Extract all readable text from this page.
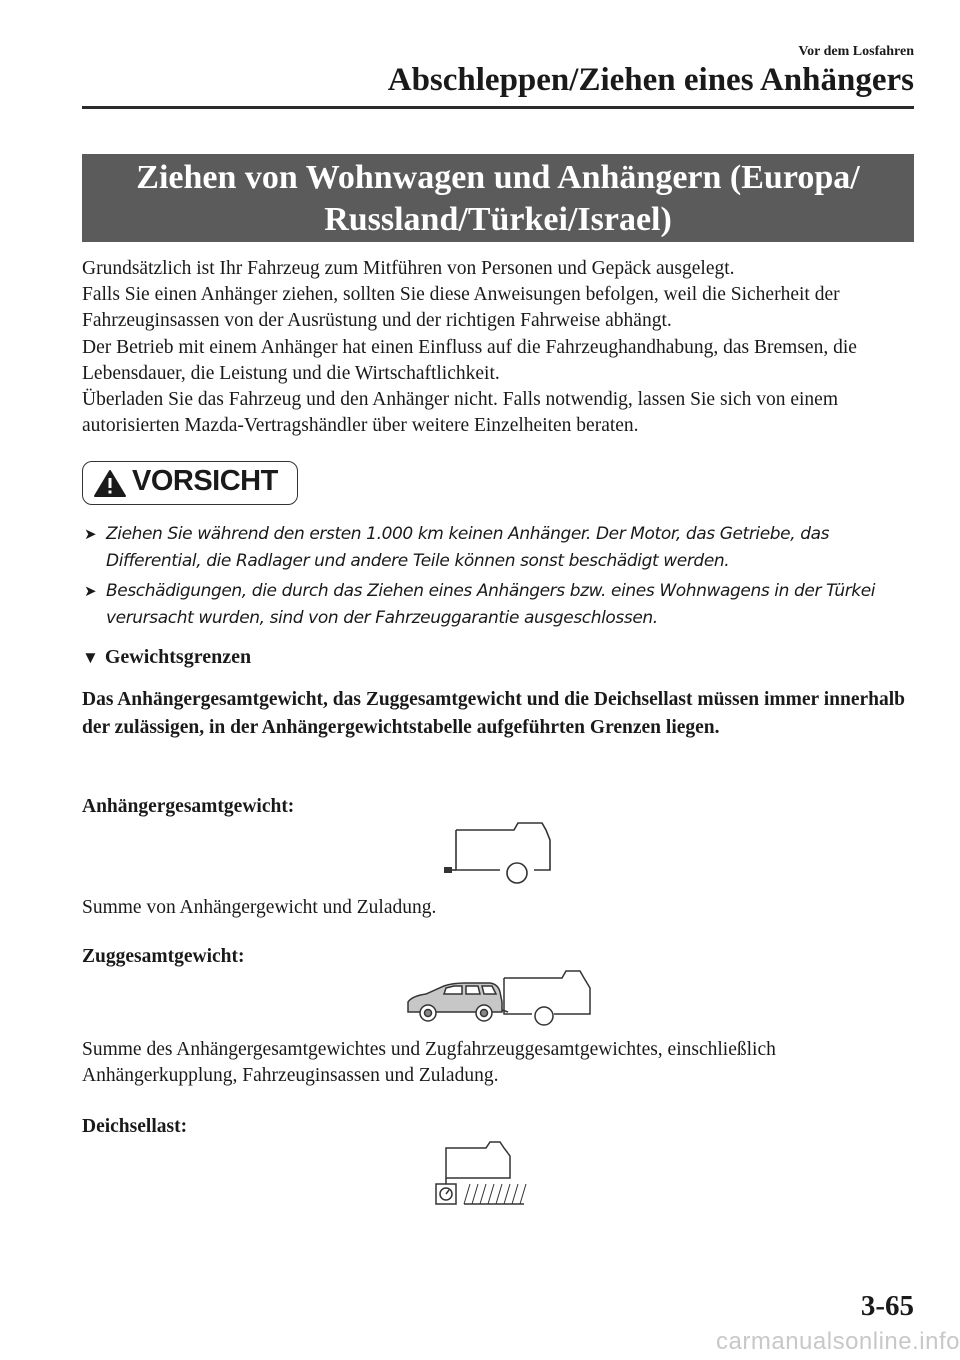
Vor dem Losfahren
Abschleppen/Ziehen eines Anhängers
Ziehen von Wohnwagen und Anhängern (Europa/
Russland/Türkei/Israel)

Grundsätzlich ist Ihr Fahrzeug zum Mitführen von Personen und Gepäck ausgelegt.

Falls Sie einen Anhänger ziehen, sollten Sie diese Anweisungen befolgen, weil die Sicherheit der Fahrzeuginsassen von der Ausrüstung und der richtigen Fahrweise abhängt.

Der Betrieb mit einem Anhänger hat einen Einfluss auf die Fahrzeughandhabung, das Bremsen, die Lebensdauer, die Leistung und die Wirtschaftlichkeit.

Überladen Sie das Fahrzeug und den Anhänger nicht. Falls notwendig, lassen Sie sich von einem autorisierten Mazda-Vertragshändler über weitere Einzelheiten beraten.

VORSICHT
➤ Ziehen Sie während den ersten 1.000 km keinen Anhänger. Der Motor, das Getriebe, das Differential, die Radlager und andere Teile können sonst beschädigt werden.
➤ Beschädigungen, die durch das Ziehen eines Anhängers bzw. eines Wohnwagens in der Türkei verursacht wurden, sind von der Fahrzeuggarantie ausgeschlossen.
▼ Gewichtsgrenzen
Das Anhängergesamtgewicht, das Zuggesamtgewicht und die Deichsellast müssen immer innerhalb der zulässigen, in der Anhängergewichtstabelle aufgeführten Grenzen liegen.
Anhängergesamtgewicht:
Summe von Anhängergewicht und Zuladung.
Zuggesamtgewicht:
Summe des Anhängergesamtgewichtes und Zugfahrzeuggesamtgewichtes, einschließlich Anhängerkupplung, Fahrzeuginsassen und Zuladung.
Deichsellast:
3-65
carmanualsonline.info
